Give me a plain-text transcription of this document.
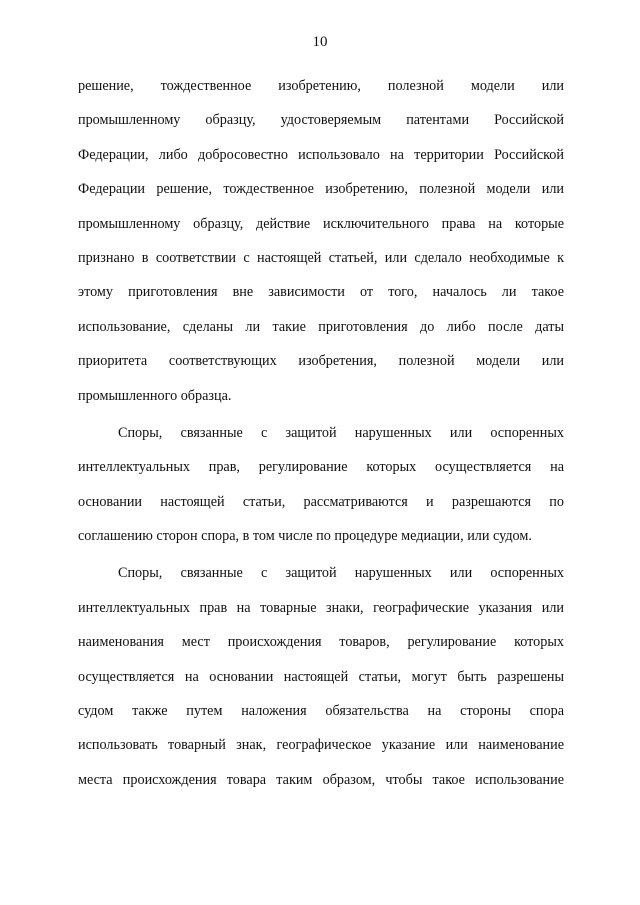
10
решение, тождественное изобретению, полезной модели или
промышленному образцу, удостоверяемым патентами Российской
Федерации, либо добросовестно использовало на территории Российской
Федерации решение, тождественное изобретению, полезной модели или
промышленному образцу, действие исключительного права на которые
признано в соответствии с настоящей статьей, или сделало необходимые к
этому приготовления вне зависимости от того, началось ли такое
использование, сделаны ли такие приготовления до либо после даты
приоритета соответствующих изобретения, полезной модели или
промышленного образца.
Споры, связанные с защитой нарушенных или оспоренных
интеллектуальных прав, регулирование которых осуществляется на
основании настоящей статьи, рассматриваются и разрешаются по
соглашению сторон спора, в том числе по процедуре медиации, или судом.
Споры, связанные с защитой нарушенных или оспоренных
интеллектуальных прав на товарные знаки, географические указания или
наименования мест происхождения товаров, регулирование которых
осуществляется на основании настоящей статьи, могут быть разрешены
судом также путем наложения обязательства на стороны спора
использовать товарный знак, географическое указание или наименование
места происхождения товара таким образом, чтобы такое использование
